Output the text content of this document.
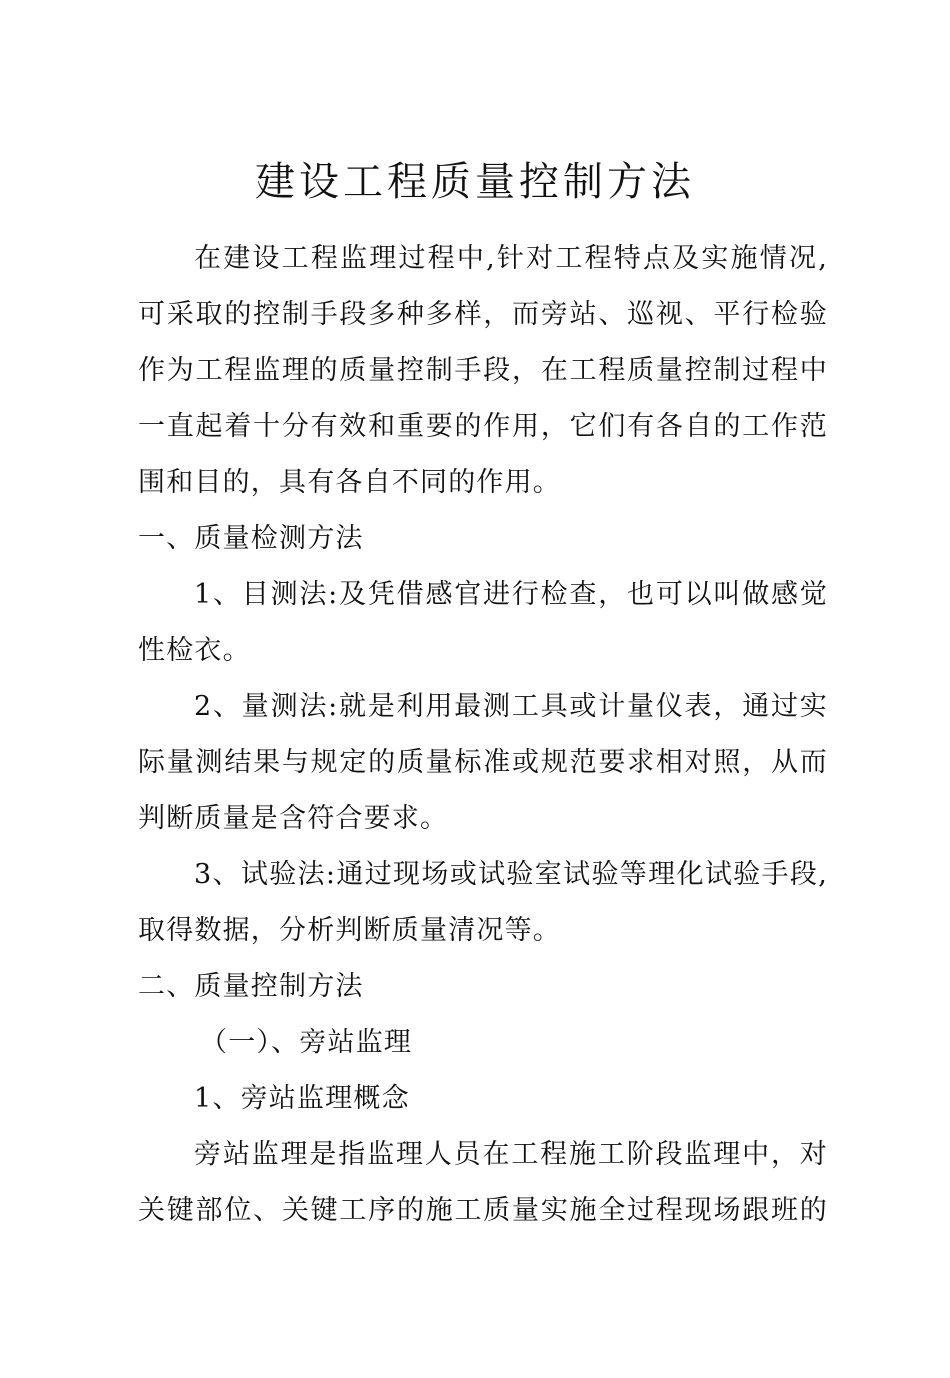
建设工程质量控制方法
在建设工程监理过程中,针对工程特点及实施情况,
可采取的控制手段多种多样，而旁站、巡视、平行检验
作为工程监理的质量控制手段，在工程质量控制过程中
一直起着十分有效和重要的作用，它们有各自的工作范
围和目的，具有各自不同的作用。
一、质量检测方法
1、目测法:及凭借感官进行检查，也可以叫做感觉
性检衣。
2、量测法:就是利用最测工具或计量仪表，通过实
际量测结果与规定的质量标准或规范要求相对照，从而
判断质量是含符合要求。
3、试验法:通过现场或试验室试验等理化试验手段,
取得数据，分析判断质量清况等。
二、质量控制方法
（一）、旁站监理
1、旁站监理概念
旁站监理是指监理人员在工程施工阶段监理中，对
关键部位、关键工序的施工质量实施全过程现场跟班的
